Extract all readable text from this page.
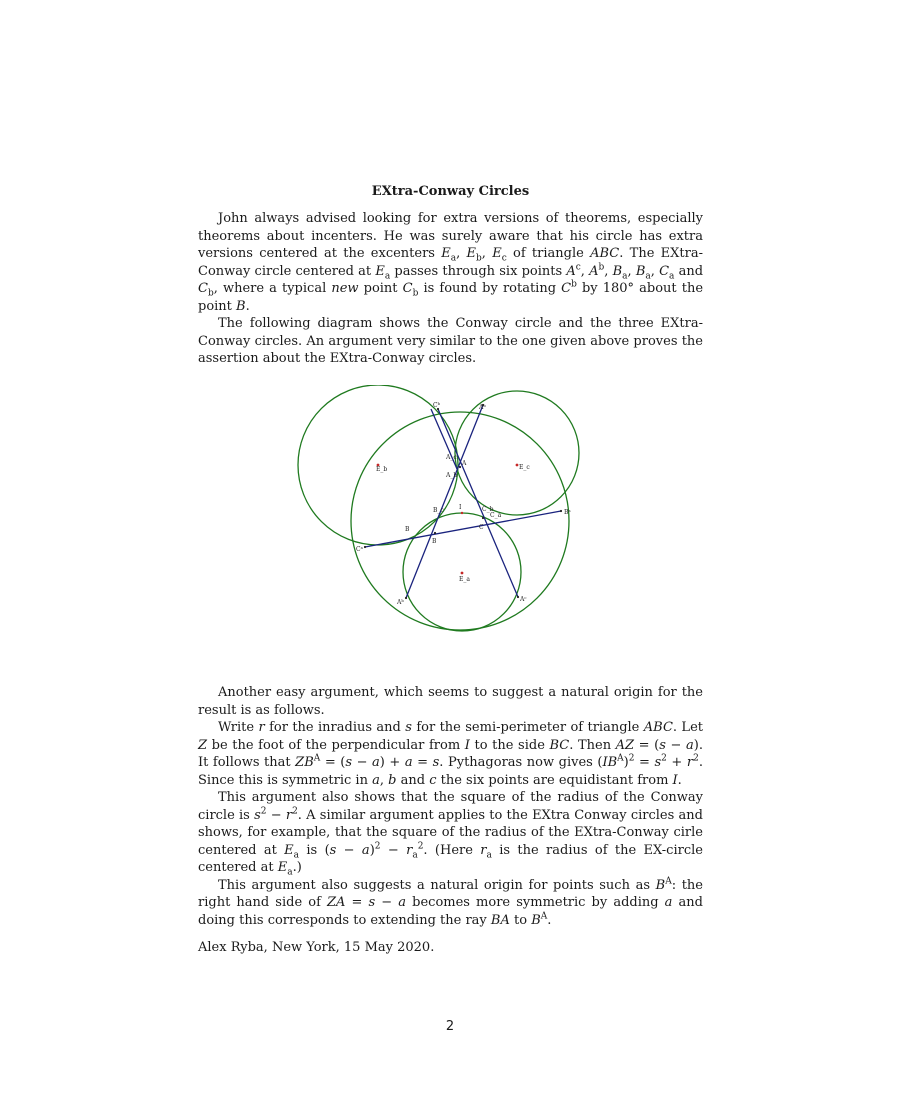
EXtra-Conway Circles

John always advised looking for extra versions of theorems, especially theorems about incenters. He was surely aware that his circle has extra versions centered at the excenters $E_a$, $E_b$, $E_c$ of triangle ABC. The EXtra-Conway circle centered at $E_a$ passes through six points $A^c$, $A^b$, $B_a$, $B_a$, $C_a$ and $C_b$, where a typical new point $C_b$ is found by rotating $C^b$ by 180° about the point B.

The following diagram shows the Conway circle and the three EXtra-Conway circles. An argument very similar to the one given above proves the assertion about the EXtra-Conway circles.

Cᵇ	Aᵇ
E_b	E_c
A_c
A
A_b
B_c	I	C_b
C_a	Bᵃ
B
B
C
Cᵃ
E_a
Aᵇ	Aᶜ

Another easy argument, which seems to suggest a natural origin for the result is as follows.

Write r for the inradius and s for the semi-perimeter of triangle ABC. Let Z be the foot of the perpendicular from I to the side BC. Then AZ = (s − a). It follows that $ZB^A = (s - a) + a = s$. Pythagoras now gives $(IB^A)^2 = s^2 + r^2$. Since this is symmetric in a, b and c the six points are equidistant from I.

This argument also shows that the square of the radius of the Conway circle is $s^2 - r^2$. A similar argument applies to the EXtra Conway circles and shows, for example, that the square of the radius of the EXtra-Conway cirle centered at $E_a$ is $(s - a)^2 - r_a^2$. (Here $r_a$ is the radius of the EX-circle centered at $E_a$.)

This argument also suggests a natural origin for points such as $B^A$: the right hand side of ZA = s − a becomes more symmetric by adding a and doing this corresponds to extending the ray BA to $B^A$.

Alex Ryba, New York, 15 May 2020.

2
